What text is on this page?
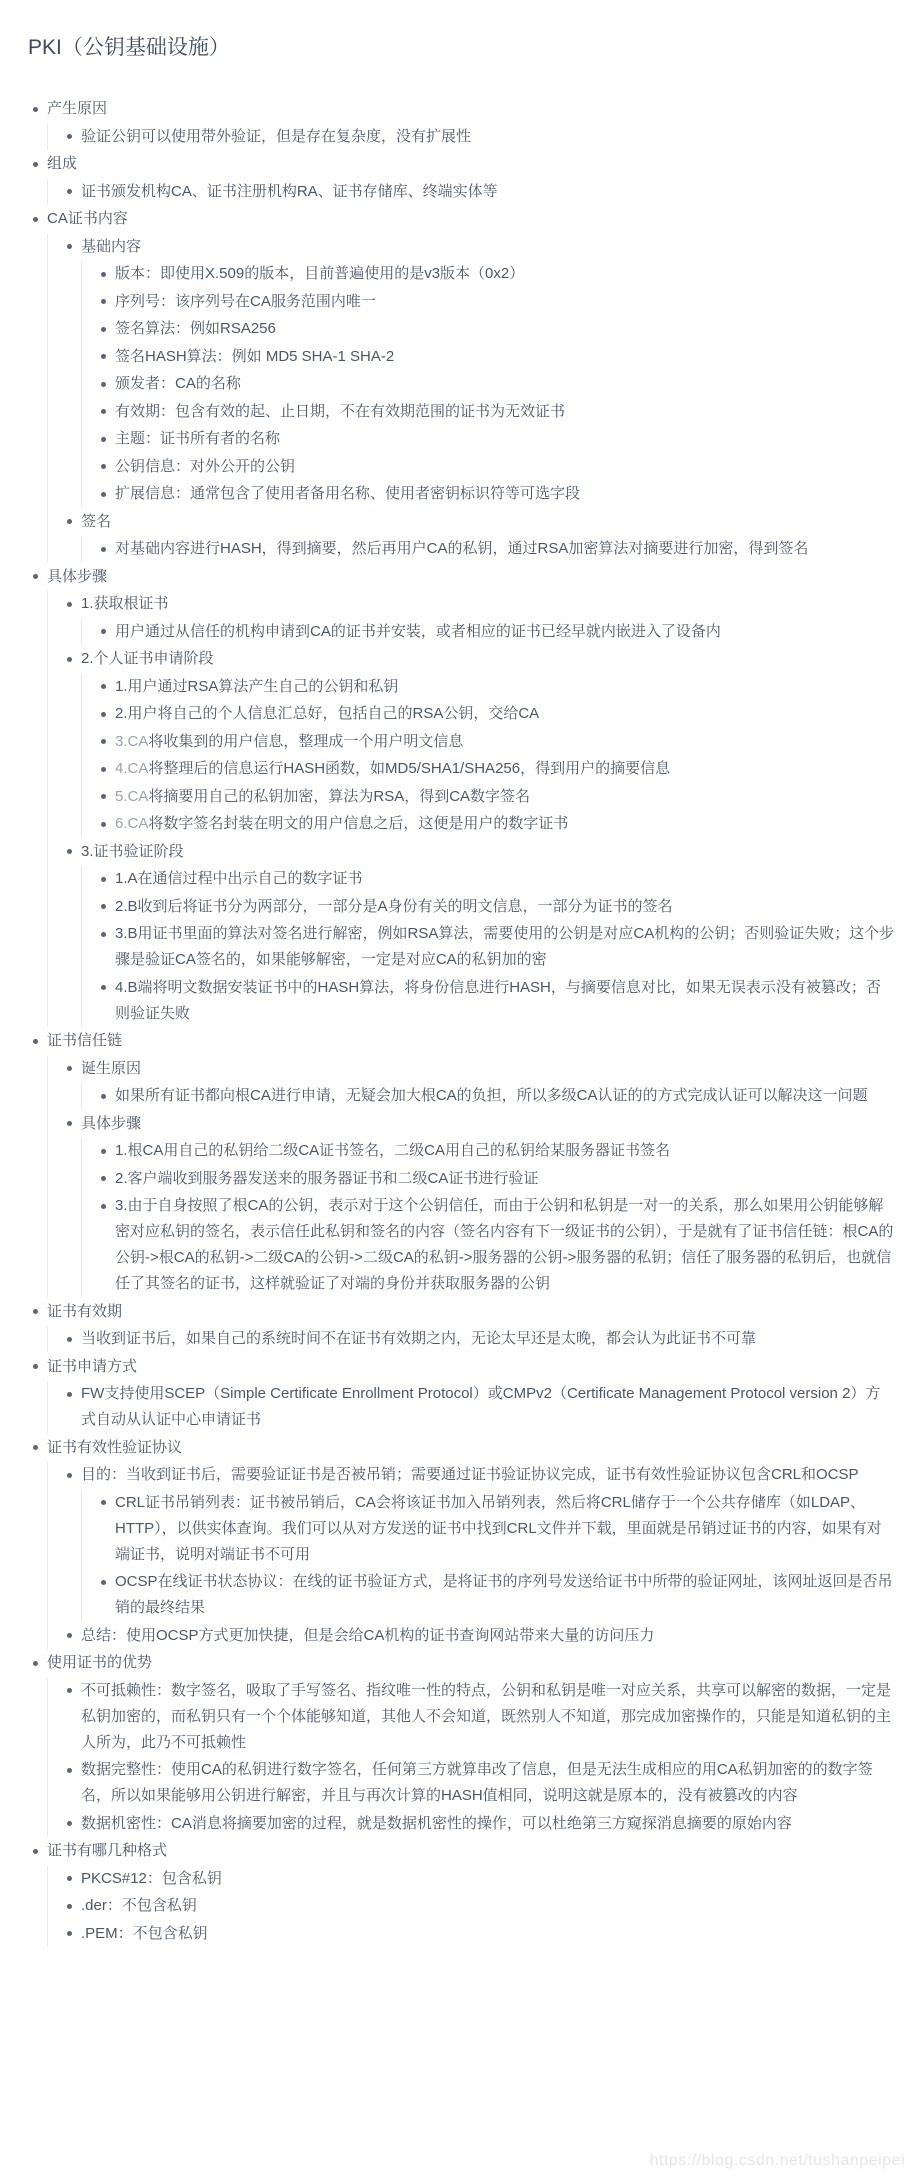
PKI（公钥基础设施）
产生原因
验证公钥可以使用带外验证，但是存在复杂度，没有扩展性
组成
证书颁发机构CA、证书注册机构RA、证书存储库、终端实体等
CA证书内容
基础内容
版本：即使用X.509的版本，目前普遍使用的是v3版本（0x2）
序列号：该序列号在CA服务范围内唯一
签名算法：例如RSA256
签名HASH算法：例如 MD5 SHA-1 SHA-2
颁发者：CA的名称
有效期：包含有效的起、止日期，不在有效期范围的证书为无效证书
主题：证书所有者的名称
公钥信息：对外公开的公钥
扩展信息：通常包含了使用者备用名称、使用者密钥标识符等可选字段
签名
对基础内容进行HASH，得到摘要，然后再用户CA的私钥，通过RSA加密算法对摘要进行加密，得到签名
具体步骤
1.获取根证书
用户通过从信任的机构申请到CA的证书并安装，或者相应的证书已经早就内嵌进入了设备内
2.个人证书申请阶段
1.用户通过RSA算法产生自己的公钥和私钥
2.用户将自己的个人信息汇总好，包括自己的RSA公钥，交给CA
3.CA将收集到的用户信息，整理成一个用户明文信息
4.CA将整理后的信息运行HASH函数，如MD5/SHA1/SHA256，得到用户的摘要信息
5.CA将摘要用自己的私钥加密，算法为RSA，得到CA数字签名
6.CA将数字签名封装在明文的用户信息之后，这便是用户的数字证书
3.证书验证阶段
1.A在通信过程中出示自己的数字证书
2.B收到后将证书分为两部分，一部分是A身份有关的明文信息，一部分为证书的签名
3.B用证书里面的算法对签名进行解密，例如RSA算法，需要使用的公钥是对应CA机构的公钥；否则验证失败；这个步骤是验证CA签名的，如果能够解密，一定是对应CA的私钥加的密
4.B端将明文数据安装证书中的HASH算法，将身份信息进行HASH，与摘要信息对比，如果无误表示没有被篡改；否则验证失败
证书信任链
诞生原因
如果所有证书都向根CA进行申请，无疑会加大根CA的负担，所以多级CA认证的的方式完成认证可以解决这一问题
具体步骤
1.根CA用自己的私钥给二级CA证书签名，二级CA用自己的私钥给某服务器证书签名
2.客户端收到服务器发送来的服务器证书和二级CA证书进行验证
3.由于自身按照了根CA的公钥，表示对于这个公钥信任，而由于公钥和私钥是一对一的关系，那么如果用公钥能够解密对应私钥的签名，表示信任此私钥和签名的内容（签名内容有下一级证书的公钥），于是就有了证书信任链：根CA的公钥->根CA的私钥->二级CA的公钥->二级CA的私钥->服务器的公钥->服务器的私钥；信任了服务器的私钥后，也就信任了其签名的证书，这样就验证了对端的身份并获取服务器的公钥
证书有效期
当收到证书后，如果自己的系统时间不在证书有效期之内，无论太早还是太晚，都会认为此证书不可靠
证书申请方式
FW支持使用SCEP（Simple Certificate Enrollment Protocol）或CMPv2（Certificate Management Protocol version 2）方式自动从认证中心申请证书
证书有效性验证协议
目的：当收到证书后，需要验证证书是否被吊销；需要通过证书验证协议完成，证书有效性验证协议包含CRL和OCSP
CRL证书吊销列表：证书被吊销后，CA会将该证书加入吊销列表，然后将CRL储存于一个公共存储库（如LDAP、HTTP），以供实体查询。我们可以从对方发送的证书中找到CRL文件并下载，里面就是吊销过证书的内容，如果有对端证书，说明对端证书不可用
OCSP在线证书状态协议：在线的证书验证方式，是将证书的序列号发送给证书中所带的验证网址，该网址返回是否吊销的最终结果
总结：使用OCSP方式更加快捷，但是会给CA机构的证书查询网站带来大量的访问压力
使用证书的优势
不可抵赖性：数字签名，吸取了手写签名、指纹唯一性的特点，公钥和私钥是唯一对应关系，共享可以解密的数据，一定是私钥加密的，而私钥只有一个个体能够知道，其他人不会知道，既然别人不知道，那完成加密操作的，只能是知道私钥的主人所为，此乃不可抵赖性
数据完整性：使用CA的私钥进行数字签名，任何第三方就算串改了信息，但是无法生成相应的用CA私钥加密的的数字签名，所以如果能够用公钥进行解密，并且与再次计算的HASH值相同，说明这就是原本的，没有被篡改的内容
数据机密性：CA消息将摘要加密的过程，就是数据机密性的操作，可以杜绝第三方窥探消息摘要的原始内容
证书有哪几种格式
PKCS#12：包含私钥
.der：不包含私钥
.PEM：不包含私钥
https://blog.csdn.net/tushanpeipei
